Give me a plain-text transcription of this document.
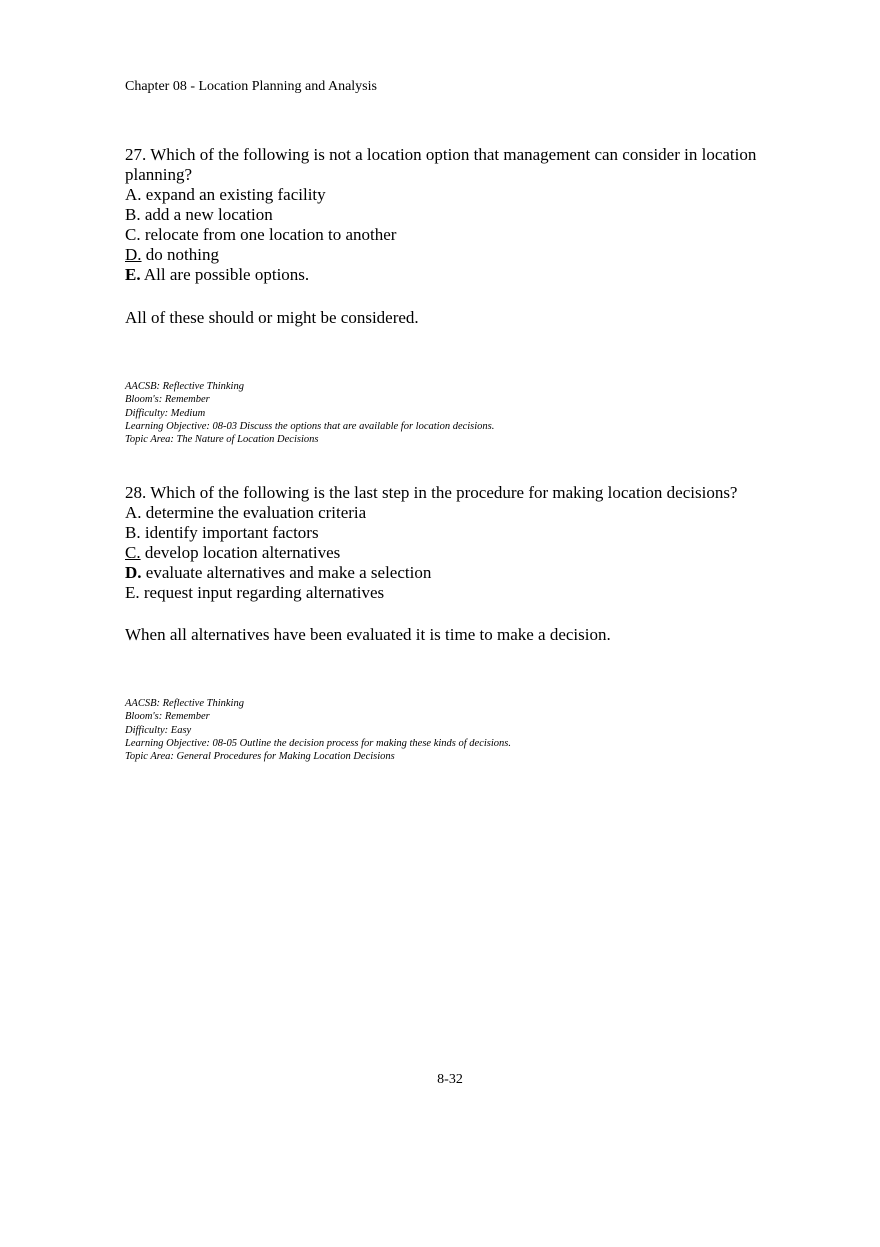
Chapter 08 - Location Planning and Analysis

27. Which of the following is not a location option that management can consider in location planning?

A. expand an existing facility

B. add a new location

C. relocate from one location to another

D. do nothing

E. All are possible options.

All of these should or might be considered.

AACSB: Reflective Thinking
Bloom's: Remember
Difficulty: Medium
Learning Objective: 08-03 Discuss the options that are available for location decisions.
Topic Area: The Nature of Location Decisions

28. Which of the following is the last step in the procedure for making location decisions?

A. determine the evaluation criteria

B. identify important factors

C. develop location alternatives

D. evaluate alternatives and make a selection

E. request input regarding alternatives

When all alternatives have been evaluated it is time to make a decision.

AACSB: Reflective Thinking
Bloom's: Remember
Difficulty: Easy
Learning Objective: 08-05 Outline the decision process for making these kinds of decisions.
Topic Area: General Procedures for Making Location Decisions
8-32
